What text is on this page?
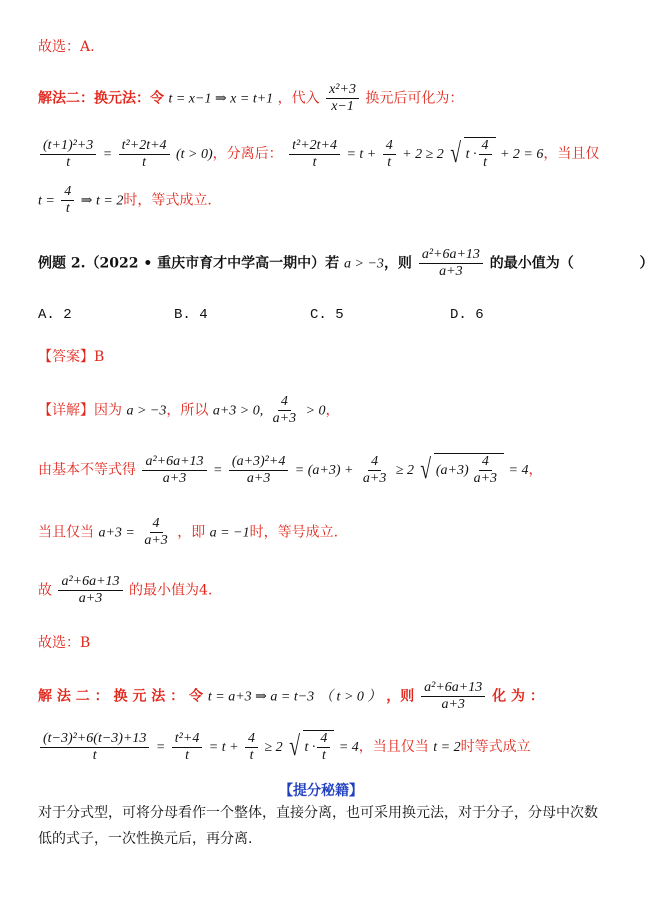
故选：A.
解法二：换元法：令 t = x−1 ⇒ x = t+1 ，代入 $\frac{\text{x²+3}}{x-1}$ 换元后可化为：
$\frac{\text{(t+1)²+3}}{t} = \frac{\text{t²+2t+4}}{t} (t > 0)$，分离后： $\frac{\text{t²+2t+4}}{t} = t + \frac{4}{t} + 2 \ge 2$ √ $t \cdot \frac{4}{t} + 2 = 6$，当且仅
$t = \frac{4}{t}$ ⇒ t = 2时，等式成立.
例题 2.（2022 • 重庆市育才中学高一期中）若 a > −3，则 $\frac{\text{a²+6a+13}}{a+3}$ 的最小值为（	）
A. 2	B. 4	C. 5	D. 6
【答案】B
【详解】因为 a > −3，所以 a+3 > 0, $\frac{4}{a+3} > 0$，
由基本不等式得 $\frac{\text{a²+6a+13}}{a+3} = \frac{\text{(a+3)²+4}}{a+3} = (a+3) + \frac{4}{a+3} \ge 2$ √ $(a+3) \frac{4}{a+3} = 4$，
当且仅当 $a+3 = \frac{4}{a+3}$ ，即 a = −1时，等号成立.
故 $\frac{\text{a²+6a+13}}{a+3}$ 的最小值为4.
故选：B
解 法 二 ： 换 元 法 ： 令 t = a+3 ⇒ a = t−3 （ t > 0 ） ，则 $\frac{\text{a²+6a+13}}{a+3}$ 化 为 ：
$\frac{\text{(t−3)²+6(t−3)+13}}{t} = \frac{\text{t²+4}}{t} = t + \frac{4}{t} \ge 2$ √ $t \cdot \frac{4}{t} = 4$，当且仅当 t = 2时等式成立
【提分秘籍】
对于分式型，可将分母看作一个整体，直接分离，也可采用换元法，对于分子，分母中次数低的式子，一次性换元后，再分离.
